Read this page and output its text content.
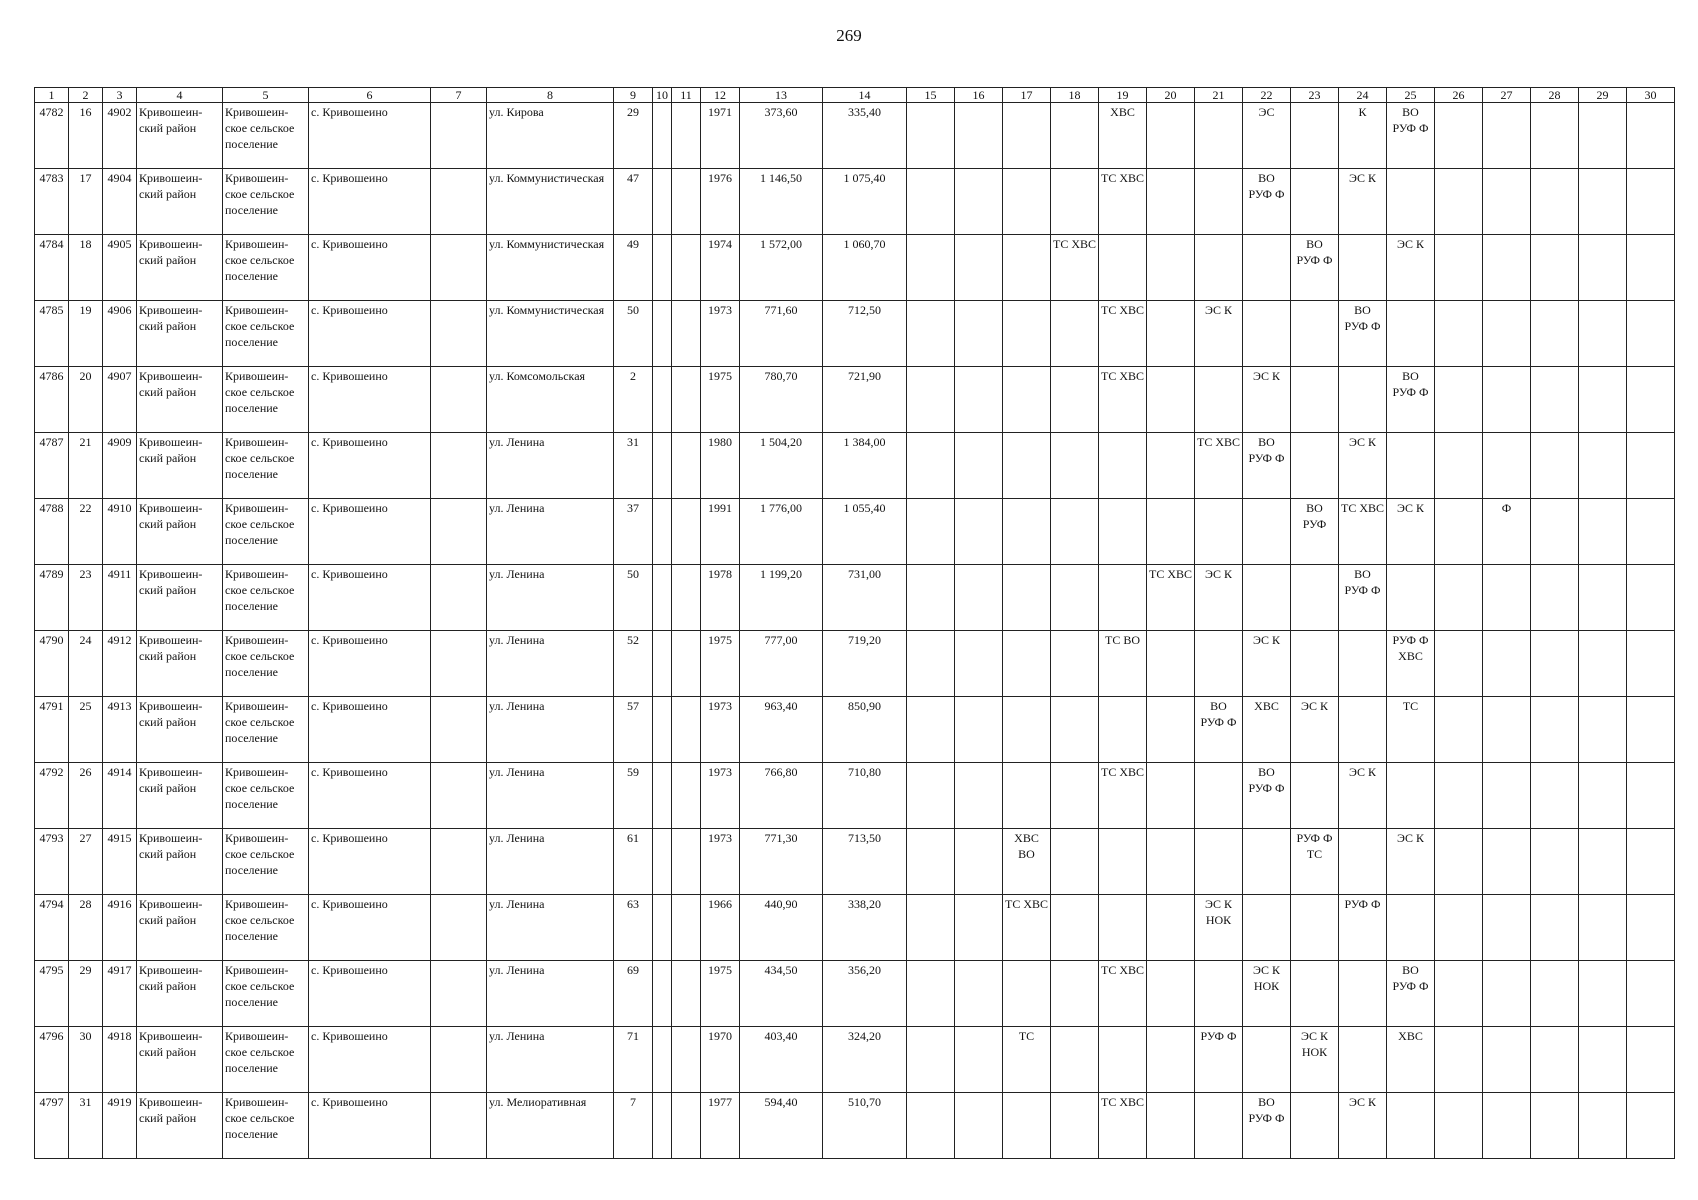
269
1	2	3	4	5	6	7	8	9	10	11	12	13	14	15	16	17	18	19	20	21	22	23	24	25	26	27	28	29	30
4782	16	4902	Кривошеин-ский район	Кривошеин-ское сельское поселение	с. Кривошеино		ул. Кирова	29			1971	373,60	335,40					ХВС			ЭС		К	ВО РУФ Ф					
4783	17	4904	Кривошеин-ский район	Кривошеин-ское сельское поселение	с. Кривошеино		ул. Коммунистическая	47			1976	1 146,50	1 075,40					ТС ХВС			ВО РУФ Ф		ЭС К						
4784	18	4905	Кривошеин-ский район	Кривошеин-ское сельское поселение	с. Кривошеино		ул. Коммунистическая	49			1974	1 572,00	1 060,70				ТС ХВС					ВО РУФ Ф		ЭС К					
4785	19	4906	Кривошеин-ский район	Кривошеин-ское сельское поселение	с. Кривошеино		ул. Коммунистическая	50			1973	771,60	712,50					ТС ХВС		ЭС К			ВО РУФ Ф						
4786	20	4907	Кривошеин-ский район	Кривошеин-ское сельское поселение	с. Кривошеино		ул. Комсомольская	2			1975	780,70	721,90					ТС ХВС			ЭС К			ВО РУФ Ф					
4787	21	4909	Кривошеин-ский район	Кривошеин-ское сельское поселение	с. Кривошеино		ул. Ленина	31			1980	1 504,20	1 384,00							ТС ХВС	ВО РУФ Ф		ЭС К						
4788	22	4910	Кривошеин-ский район	Кривошеин-ское сельское поселение	с. Кривошеино		ул. Ленина	37			1991	1 776,00	1 055,40									ВО РУФ	ТС ХВС	ЭС К		Ф			
4789	23	4911	Кривошеин-ский район	Кривошеин-ское сельское поселение	с. Кривошеино		ул. Ленина	50			1978	1 199,20	731,00						ТС ХВС	ЭС К			ВО РУФ Ф						
4790	24	4912	Кривошеин-ский район	Кривошеин-ское сельское поселение	с. Кривошеино		ул. Ленина	52			1975	777,00	719,20					ТС ВО			ЭС К			РУФ Ф ХВС					
4791	25	4913	Кривошеин-ский район	Кривошеин-ское сельское поселение	с. Кривошеино		ул. Ленина	57			1973	963,40	850,90							ВО РУФ Ф	ХВС	ЭС К		ТС					
4792	26	4914	Кривошеин-ский район	Кривошеин-ское сельское поселение	с. Кривошеино		ул. Ленина	59			1973	766,80	710,80					ТС ХВС			ВО РУФ Ф		ЭС К						
4793	27	4915	Кривошеин-ский район	Кривошеин-ское сельское поселение	с. Кривошеино		ул. Ленина	61			1973	771,30	713,50			ХВС ВО						РУФ Ф ТС		ЭС К					
4794	28	4916	Кривошеин-ский район	Кривошеин-ское сельское поселение	с. Кривошеино		ул. Ленина	63			1966	440,90	338,20			ТС ХВС				ЭС К НОК			РУФ Ф						
4795	29	4917	Кривошеин-ский район	Кривошеин-ское сельское поселение	с. Кривошеино		ул. Ленина	69			1975	434,50	356,20					ТС ХВС			ЭС К НОК			ВО РУФ Ф					
4796	30	4918	Кривошеин-ский район	Кривошеин-ское сельское поселение	с. Кривошеино		ул. Ленина	71			1970	403,40	324,20			ТС				РУФ Ф		ЭС К НОК		ХВС					
4797	31	4919	Кривошеин-ский район	Кривошеин-ское сельское поселение	с. Кривошеино		ул. Мелиоративная	7			1977	594,40	510,70					ТС ХВС			ВО РУФ Ф		ЭС К						
